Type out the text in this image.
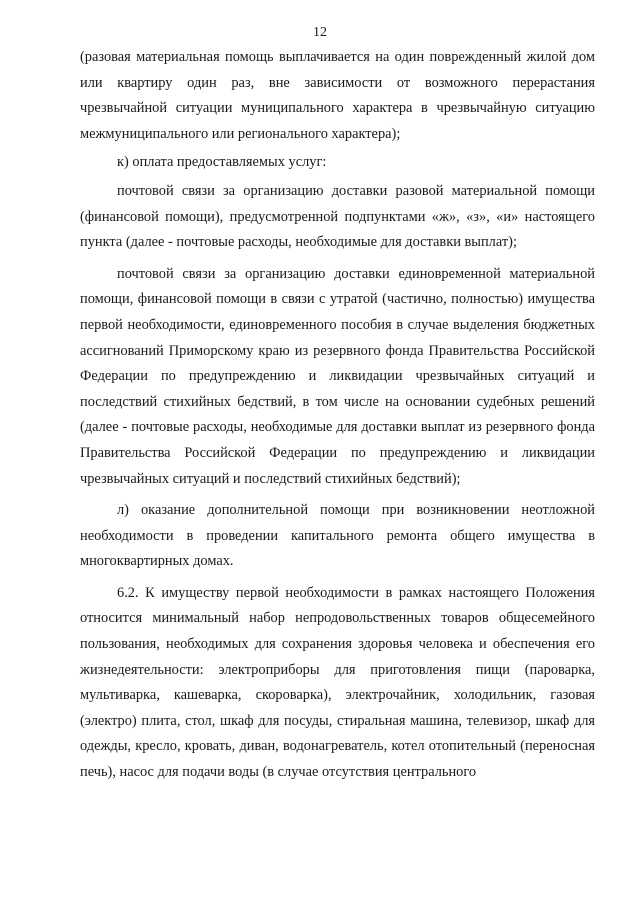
12

(разовая материальная помощь выплачивается на один поврежденный жилой дом или квартиру один раз, вне зависимости от возможного перерастания чрезвычайной ситуации муниципального характера в чрезвычайную ситуацию межмуниципального или регионального характера);

к) оплата предоставляемых услуг:

почтовой связи за организацию доставки разовой материальной помощи (финансовой помощи), предусмотренной подпунктами «ж», «з», «и» настоящего пункта (далее - почтовые расходы, необходимые для доставки выплат);

почтовой связи за организацию доставки единовременной материальной помощи, финансовой помощи в связи с утратой (частично, полностью) имущества первой необходимости, единовременного пособия в случае выделения бюджетных ассигнований Приморскому краю из резервного фонда Правительства Российской Федерации по предупреждению и ликвидации чрезвычайных ситуаций и последствий стихийных бедствий, в том числе на основании судебных решений (далее - почтовые расходы, необходимые для доставки выплат из резервного фонда Правительства Российской Федерации по предупреждению и ликвидации чрезвычайных ситуаций и последствий стихийных бедствий);

л) оказание дополнительной помощи при возникновении неотложной необходимости в проведении капитального ремонта общего имущества в многоквартирных домах.

6.2. К имуществу первой необходимости в рамках настоящего Положения относится минимальный набор непродовольственных товаров общесемейного пользования, необходимых для сохранения здоровья человека и обеспечения его жизнедеятельности: электроприборы для приготовления пищи (пароварка, мультиварка, кашеварка, скороварка), электрочайник, холодильник, газовая (электро) плита, стол, шкаф для посуды, стиральная машина, телевизор, шкаф для одежды, кресло, кровать, диван, водонагреватель, котел отопительный (переносная печь), насос для подачи воды (в случае отсутствия центрального
